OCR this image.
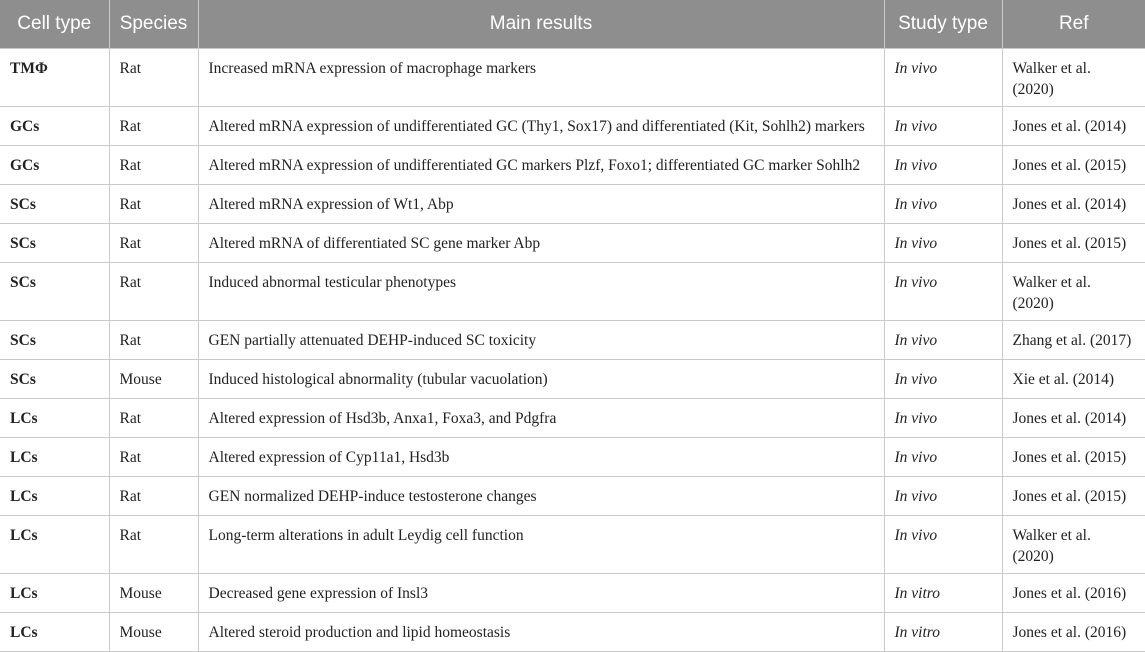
Cell type	Species	Main results	Study type	Ref
TMΦ	Rat	Increased mRNA expression of macrophage markers	In vivo	Walker et al. (2020)
GCs	Rat	Altered mRNA expression of undifferentiated GC (Thy1, Sox17) and differentiated (Kit, Sohlh2) markers	In vivo	Jones et al. (2014)
GCs	Rat	Altered mRNA expression of undifferentiated GC markers Plzf, Foxo1; differentiated GC marker Sohlh2	In vivo	Jones et al. (2015)
SCs	Rat	Altered mRNA expression of Wt1, Abp	In vivo	Jones et al. (2014)
SCs	Rat	Altered mRNA of differentiated SC gene marker Abp	In vivo	Jones et al. (2015)
SCs	Rat	Induced abnormal testicular phenotypes	In vivo	Walker et al. (2020)
SCs	Rat	GEN partially attenuated DEHP-induced SC toxicity	In vivo	Zhang et al. (2017)
SCs	Mouse	Induced histological abnormality (tubular vacuolation)	In vivo	Xie et al. (2014)
LCs	Rat	Altered expression of Hsd3b, Anxa1, Foxa3, and Pdgfra	In vivo	Jones et al. (2014)
LCs	Rat	Altered expression of Cyp11a1, Hsd3b	In vivo	Jones et al. (2015)
LCs	Rat	GEN normalized DEHP-induce testosterone changes	In vivo	Jones et al. (2015)
LCs	Rat	Long-term alterations in adult Leydig cell function	In vivo	Walker et al. (2020)
LCs	Mouse	Decreased gene expression of Insl3	In vitro	Jones et al. (2016)
LCs	Mouse	Altered steroid production and lipid homeostasis	In vitro	Jones et al. (2016)
